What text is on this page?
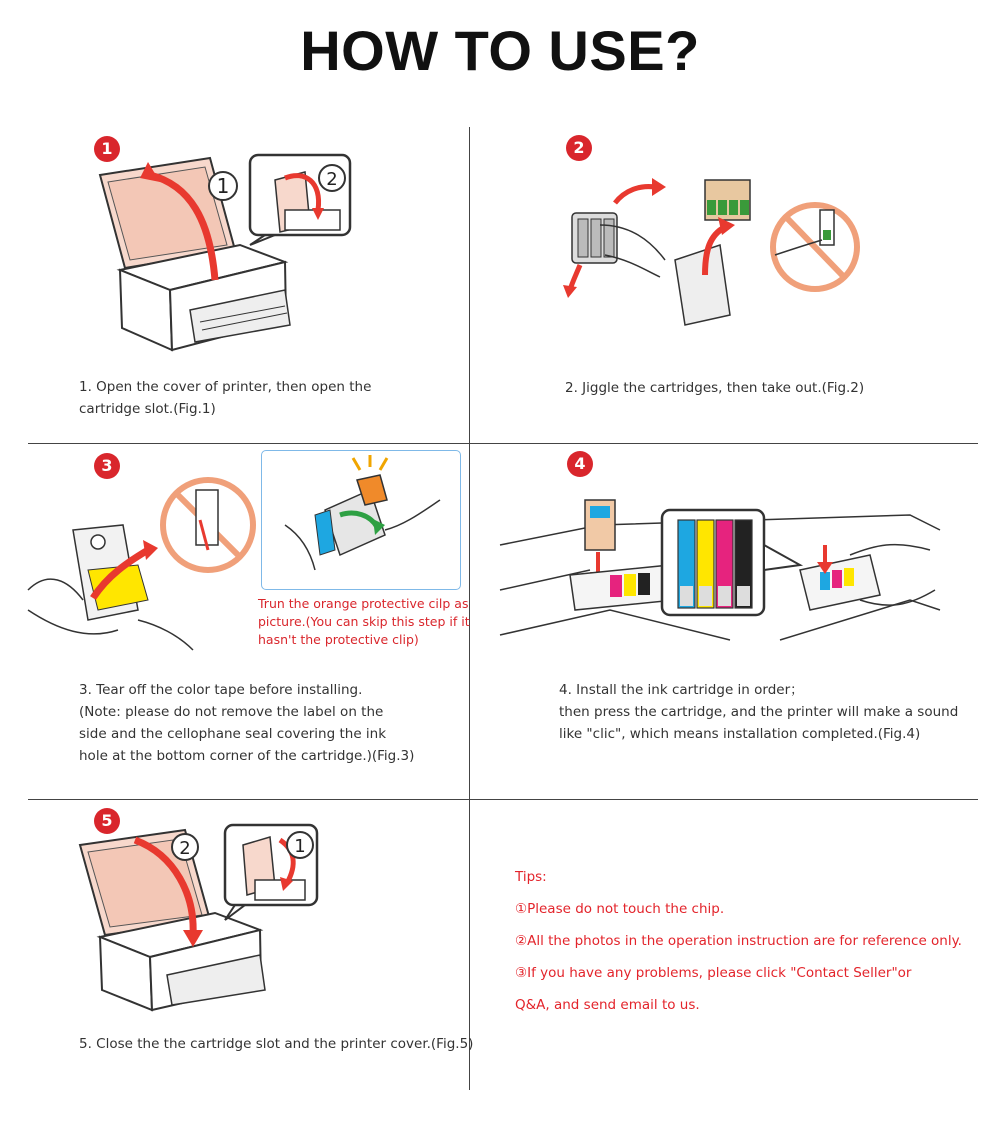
HOW TO USE?
1
1	2
1. Open the cover of printer, then open the
cartridge slot.(Fig.1)
2
2. Jiggle the cartridges, then take out.(Fig.2)
3
Trun the orange protective cilp as
picture.(You can skip this step if it
hasn't the protective clip)
3. Tear off the color tape before installing.
(Note: please do not remove the label on the
side and the cellophane seal covering the ink
hole at the bottom corner of the cartridge.)(Fig.3)
4
4. Install the ink cartridge in order；
then press the cartridge, and the printer will make a sound
like "clic", which means installation completed.(Fig.4)
5
2	1
5. Close the the cartridge slot and the printer cover.(Fig.5)
Tips:
①Please do not touch the chip.
②All the photos in the operation instruction are for reference only.
③If you have any problems, please click "Contact Seller"or
Q&A, and send email to us.
